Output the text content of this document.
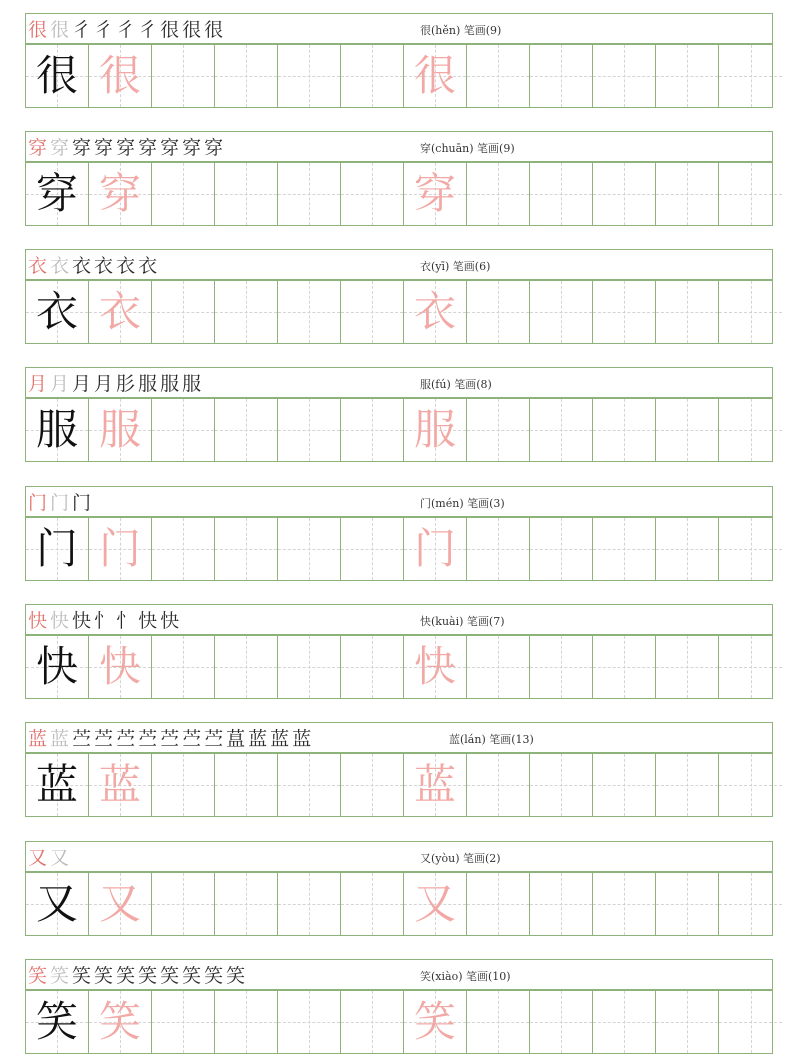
很 很 彳 彳 彳 彳 很 很 很	很(hěn) 笔画(9)
很 很	很
穿 穿 穿 穿 穿 穿 穿 穿 穿	穿(chuān) 笔画(9)
穿 穿	穿
衣 衣 衣 衣 衣 衣	衣(yī) 笔画(6)
衣 衣	衣
月 月 月 月 肜 服 服 服	服(fú) 笔画(8)
服 服	服
门 门 门	门(mén) 笔画(3)
门 门	门
快 快 快 忄 忄 快 快	快(kuài) 笔画(7)
快 快	快
蓝 蓝 苎 苎 苎 苎 苎 苎 苎 蒀 蓝 蓝 蓝	蓝(lán) 笔画(13)
蓝 蓝	蓝
又 又	又(yòu) 笔画(2)
又 又	又
笑 笑 笑 笑 笑 笑 笑 笑 笑 笑	笑(xiào) 笔画(10)
笑 笑	笑
